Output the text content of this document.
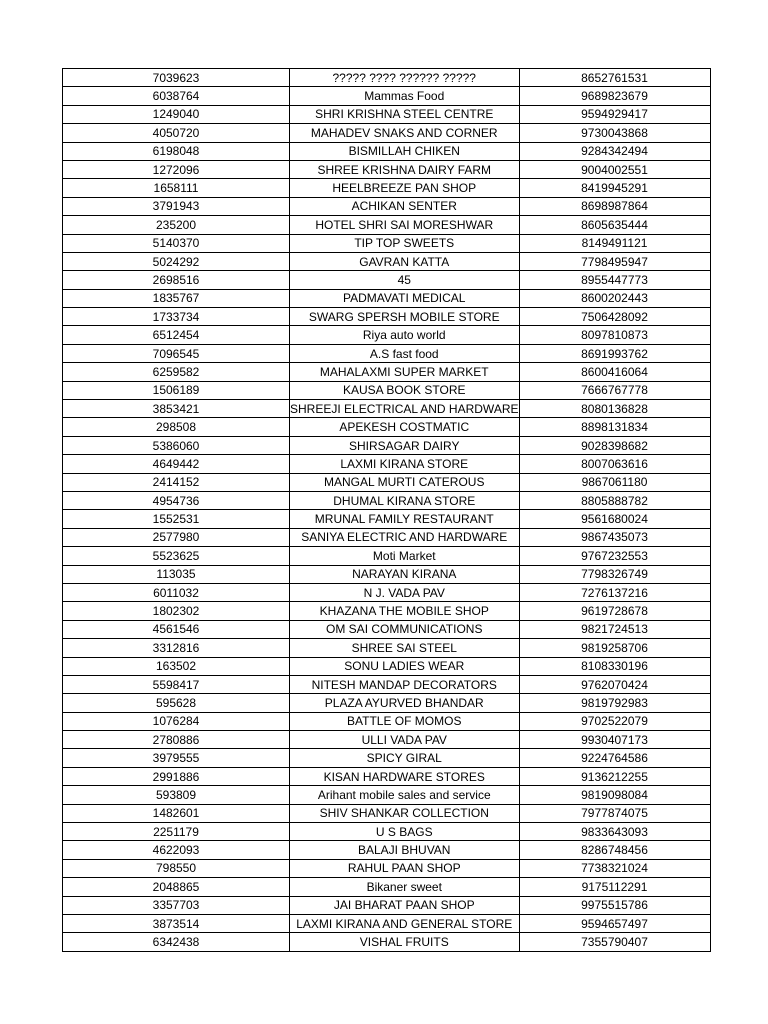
7039623	????? ???? ?????? ?????	8652761531
6038764	Mammas Food	9689823679
1249040	SHRI KRISHNA STEEL CENTRE	9594929417
4050720	MAHADEV SNAKS AND CORNER	9730043868
6198048	BISMILLAH CHIKEN	9284342494
1272096	SHREE KRISHNA DAIRY FARM	9004002551
1658111	HEELBREEZE PAN SHOP	8419945291
3791943	ACHIKAN SENTER	8698987864
235200	HOTEL SHRI SAI MORESHWAR	8605635444
5140370	TIP TOP SWEETS	8149491121
5024292	GAVRAN KATTA	7798495947
2698516	45	8955447773
1835767	PADMAVATI MEDICAL	8600202443
1733734	SWARG SPERSH MOBILE STORE	7506428092
6512454	Riya auto world	8097810873
7096545	A.S fast food	8691993762
6259582	MAHALAXMI SUPER MARKET	8600416064
1506189	KAUSA BOOK STORE	7666767778
3853421	SHREEJI ELECTRICAL AND HARDWARE	8080136828
298508	APEKESH COSTMATIC	8898131834
5386060	SHIRSAGAR DAIRY	9028398682
4649442	LAXMI KIRANA STORE	8007063616
2414152	MANGAL MURTI CATEROUS	9867061180
4954736	DHUMAL KIRANA STORE	8805888782
1552531	MRUNAL FAMILY RESTAURANT	9561680024
2577980	SANIYA ELECTRIC AND HARDWARE	9867435073
5523625	Moti Market	9767232553
113035	NARAYAN KIRANA	7798326749
6011032	N J. VADA PAV	7276137216
1802302	KHAZANA THE MOBILE SHOP	9619728678
4561546	OM SAI COMMUNICATIONS	9821724513
3312816	SHREE SAI STEEL	9819258706
163502	SONU LADIES WEAR	8108330196
5598417	NITESH MANDAP DECORATORS	9762070424
595628	PLAZA AYURVED BHANDAR	9819792983
1076284	BATTLE OF MOMOS	9702522079
2780886	ULLI VADA PAV	9930407173
3979555	SPICY GIRAL	9224764586
2991886	KISAN HARDWARE STORES	9136212255
593809	Arihant mobile sales and service	9819098084
1482601	SHIV SHANKAR COLLECTION	7977874075
2251179	U S BAGS	9833643093
4622093	BALAJI BHUVAN	8286748456
798550	RAHUL PAAN SHOP	7738321024
2048865	Bikaner sweet	9175112291
3357703	JAI BHARAT PAAN SHOP	9975515786
3873514	LAXMI KIRANA AND GENERAL STORE	9594657497
6342438	VISHAL FRUITS	7355790407
